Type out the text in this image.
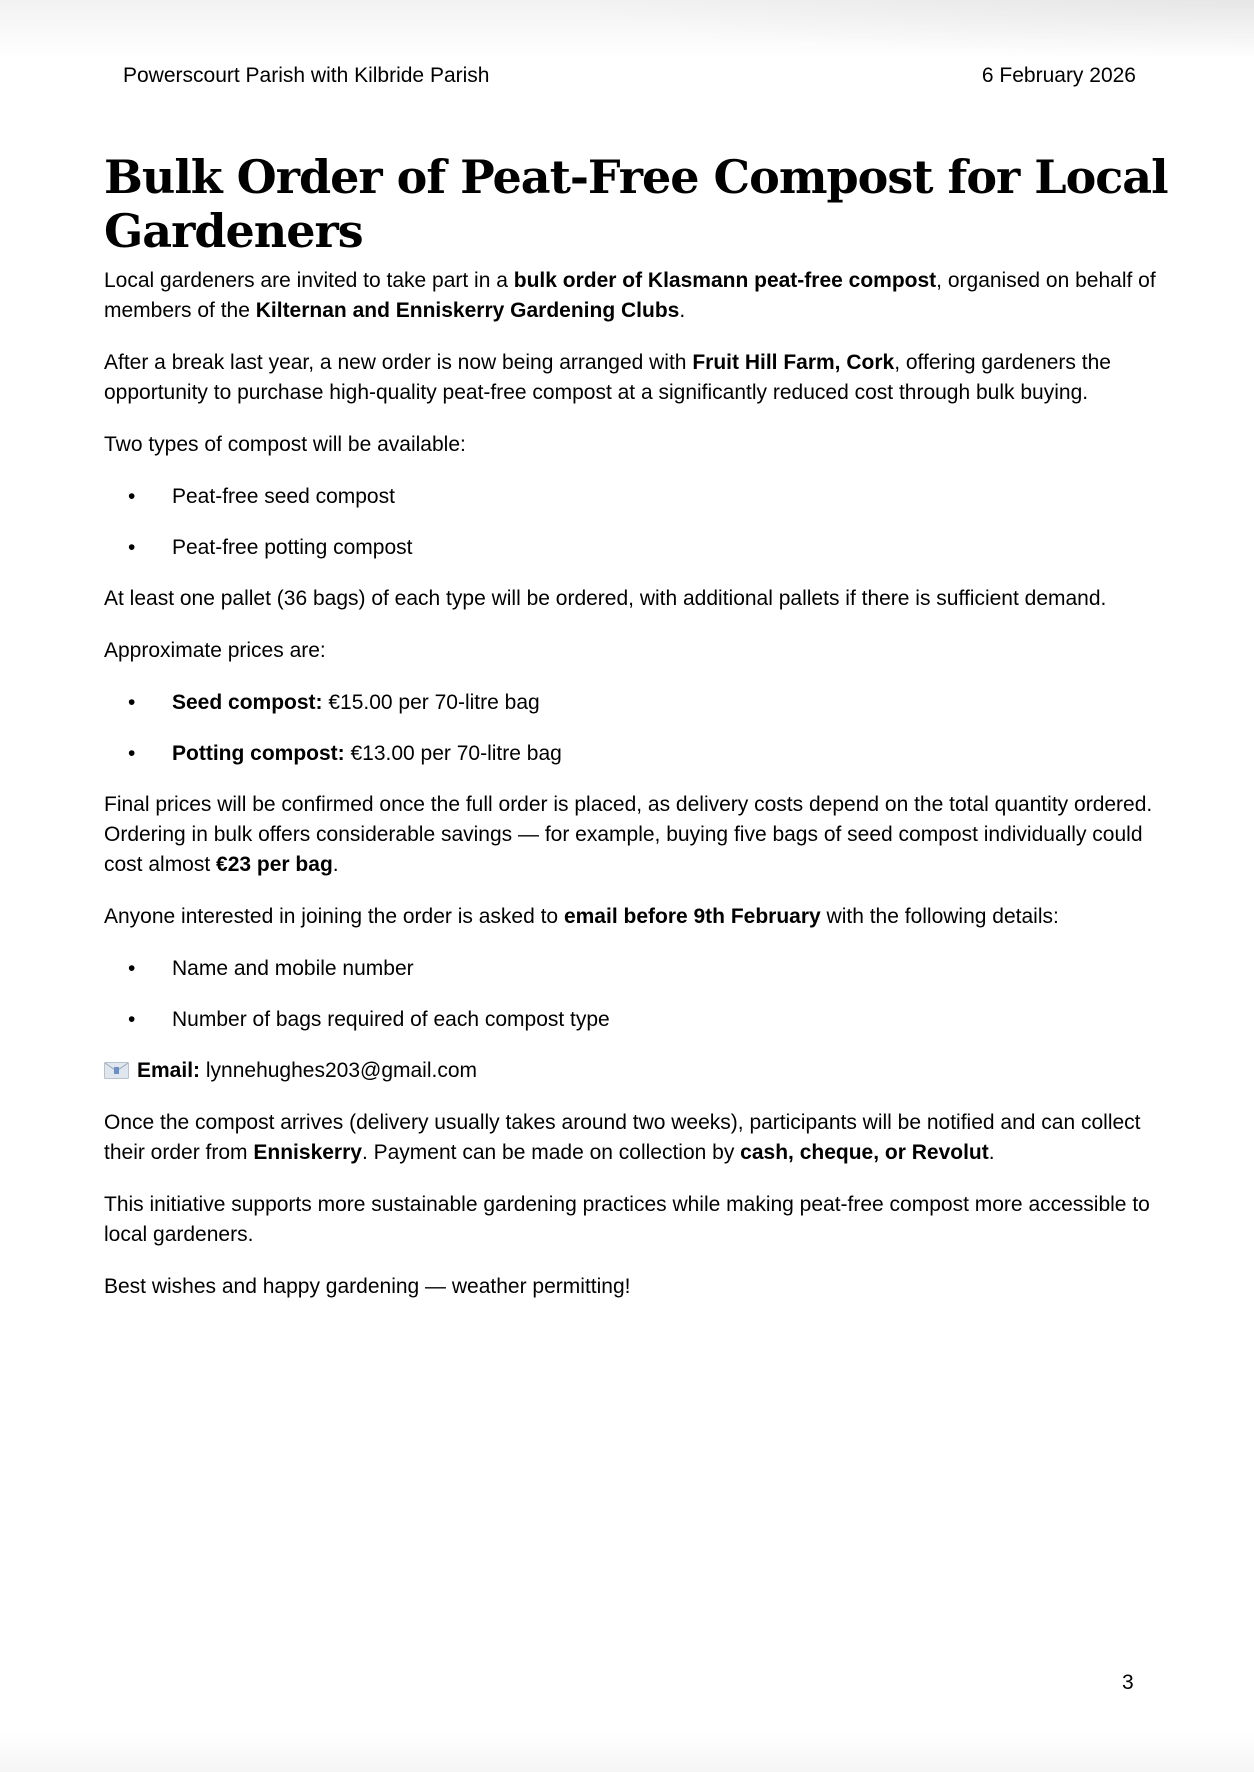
Powerscourt Parish with Kilbride Parish	6 February 2026
Bulk Order of Peat-Free Compost for Local Gardeners

Local gardeners are invited to take part in a bulk order of Klasmann peat-free compost, organised on behalf of members of the Kilternan and Enniskerry Gardening Clubs.

After a break last year, a new order is now being arranged with Fruit Hill Farm, Cork, offering gardeners the opportunity to purchase high-quality peat-free compost at a significantly reduced cost through bulk buying.

Two types of compost will be available:

• Peat-free seed compost
• Peat-free potting compost

At least one pallet (36 bags) of each type will be ordered, with additional pallets if there is sufficient demand.

Approximate prices are:

• Seed compost: €15.00 per 70-litre bag
• Potting compost: €13.00 per 70-litre bag

Final prices will be confirmed once the full order is placed, as delivery costs depend on the total quantity ordered. Ordering in bulk offers considerable savings — for example, buying five bags of seed compost individually could cost almost €23 per bag.

Anyone interested in joining the order is asked to email before 9th February with the following details:

• Name and mobile number
• Number of bags required of each compost type

Email: lynnehughes203@gmail.com

Once the compost arrives (delivery usually takes around two weeks), participants will be notified and can collect their order from Enniskerry. Payment can be made on collection by cash, cheque, or Revolut.

This initiative supports more sustainable gardening practices while making peat-free compost more accessible to local gardeners.

Best wishes and happy gardening — weather permitting!

3
